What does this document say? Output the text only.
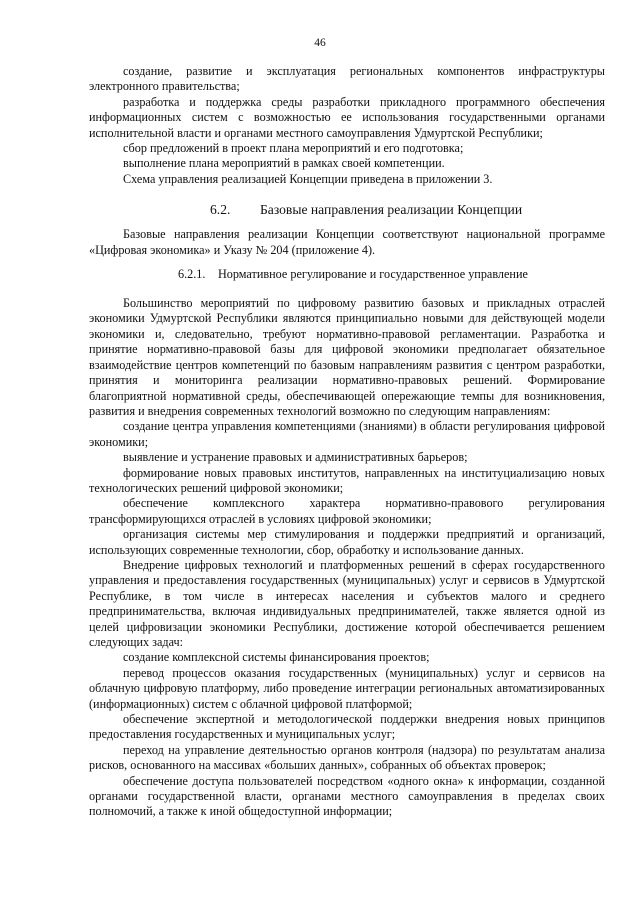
46

создание, развитие и эксплуатация региональных компонентов инфраструктуры электронного правительства;

разработка и поддержка среды разработки прикладного программного обеспечения информационных систем с возможностью ее использования государственными органами исполнительной власти и органами местного самоуправления Удмуртской Республики;

сбор предложений в проект плана мероприятий и его подготовка;

выполнение плана мероприятий в рамках своей компетенции.

Схема управления реализацией Концепции приведена в приложении 3.

6.2. Базовые направления реализации Концепции

Базовые направления реализации Концепции соответствуют национальной программе «Цифровая экономика» и Указу № 204 (приложение 4).

6.2.1. Нормативное регулирование и государственное управление

Большинство мероприятий по цифровому развитию базовых и прикладных отраслей экономики Удмуртской Республики являются принципиально новыми для действующей модели экономики и, следовательно, требуют нормативно-правовой регламентации. Разработка и принятие нормативно-правовой базы для цифровой экономики предполагает обязательное взаимодействие центров компетенций по базовым направлениям развития с центром разработки, принятия и мониторинга реализации нормативно-правовых решений. Формирование благоприятной нормативной среды, обеспечивающей опережающие темпы для возникновения, развития и внедрения современных технологий возможно по следующим направлениям:

создание центра управления компетенциями (знаниями) в области регулирования цифровой экономики;

выявление и устранение правовых и административных барьеров;

формирование новых правовых институтов, направленных на институциализацию новых технологических решений цифровой экономики;

обеспечение комплексного характера нормативно-правового регулирования трансформирующихся отраслей в условиях цифровой экономики;

организация системы мер стимулирования и поддержки предприятий и организаций, использующих современные технологии, сбор, обработку и использование данных.

Внедрение цифровых технологий и платформенных решений в сферах государственного управления и предоставления государственных (муниципальных) услуг и сервисов в Удмуртской Республике, в том числе в интересах населения и субъектов малого и среднего предпринимательства, включая индивидуальных предпринимателей, также является одной из целей цифровизации экономики Республики, достижение которой обеспечивается решением следующих задач:

создание комплексной системы финансирования проектов;

перевод процессов оказания государственных (муниципальных) услуг и сервисов на облачную цифровую платформу, либо проведение интеграции региональных автоматизированных (информационных) систем с облачной цифровой платформой;

обеспечение экспертной и методологической поддержки внедрения новых принципов предоставления государственных и муниципальных услуг;

переход на управление деятельностью органов контроля (надзора) по результатам анализа рисков, основанного на массивах «больших данных», собранных об объектах проверок;

обеспечение доступа пользователей посредством «одного окна» к информации, созданной органами государственной власти, органами местного самоуправления в пределах своих полномочий, а также к иной общедоступной информации;
